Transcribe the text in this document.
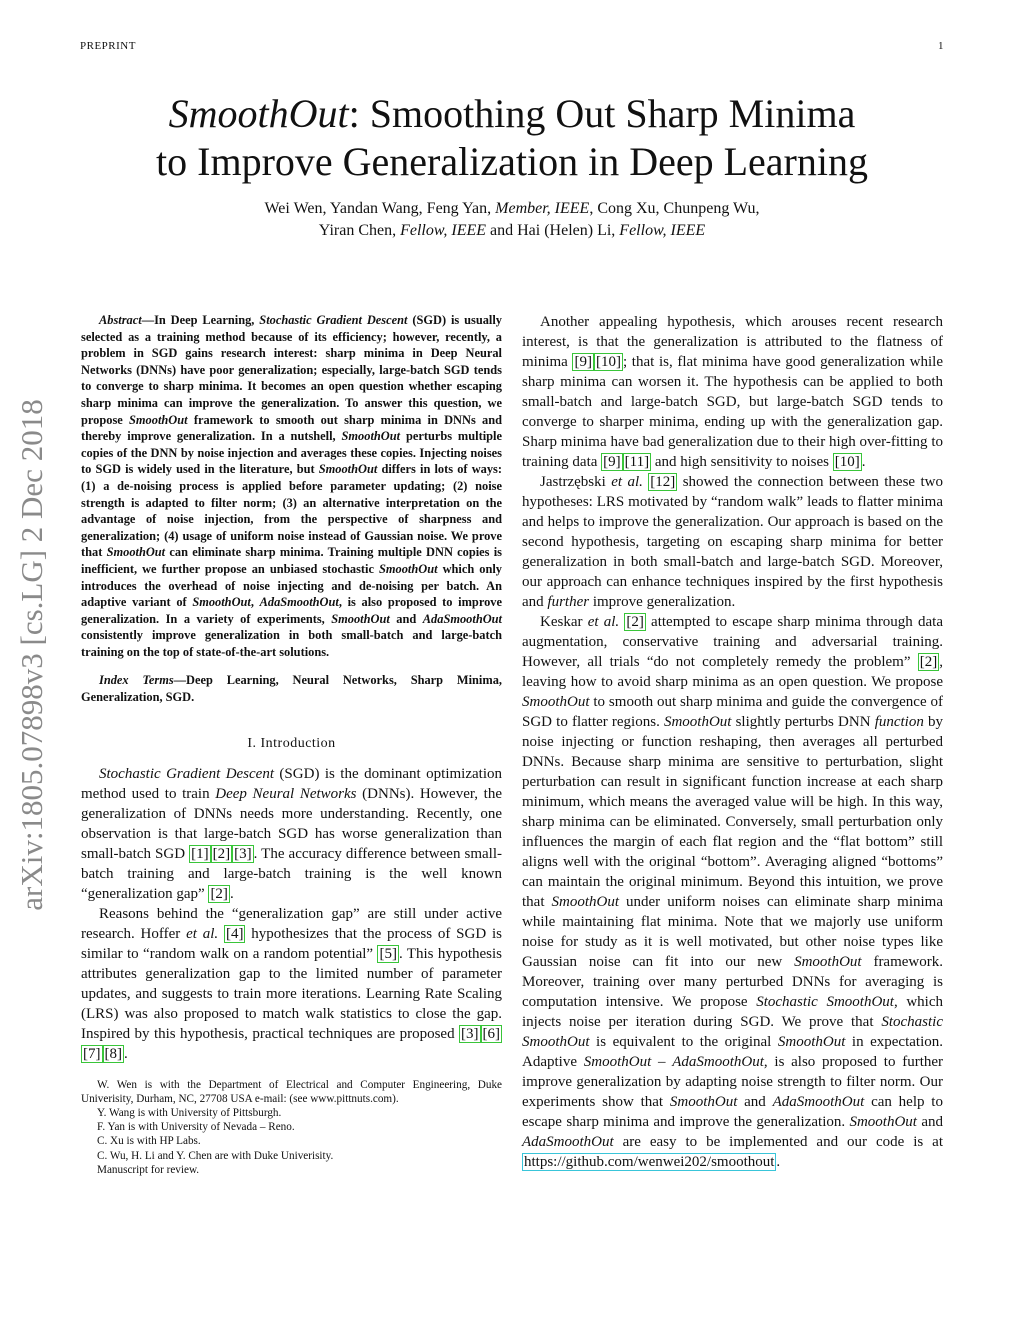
PREPRINT	1
arXiv:1805.07898v3 [cs.LG] 2 Dec 2018
SmoothOut: Smoothing Out Sharp Minima
to Improve Generalization in Deep Learning
Wei Wen, Yandan Wang, Feng Yan, Member, IEEE, Cong Xu, Chunpeng Wu,
Yiran Chen, Fellow, IEEE and Hai (Helen) Li, Fellow, IEEE

Abstract—In Deep Learning, Stochastic Gradient Descent (SGD) is usually selected as a training method because of its efficiency; however, recently, a problem in SGD gains research interest: sharp minima in Deep Neural Networks (DNNs) have poor generalization; especially, large-batch SGD tends to converge to sharp minima. It becomes an open question whether escaping sharp minima can improve the generalization. To answer this question, we propose SmoothOut framework to smooth out sharp minima in DNNs and thereby improve generalization. In a nutshell, SmoothOut perturbs multiple copies of the DNN by noise injection and averages these copies. Injecting noises to SGD is widely used in the literature, but SmoothOut differs in lots of ways: (1) a de-noising process is applied before parameter updating; (2) noise strength is adapted to filter norm; (3) an alternative interpretation on the advantage of noise injection, from the perspective of sharpness and generalization; (4) usage of uniform noise instead of Gaussian noise. We prove that SmoothOut can eliminate sharp minima. Training multiple DNN copies is inefficient, we further propose an unbiased stochastic SmoothOut which only introduces the overhead of noise injecting and de-noising per batch. An adaptive variant of SmoothOut, AdaSmoothOut, is also proposed to improve generalization. In a variety of experiments, SmoothOut and AdaSmoothOut consistently improve generalization in both small-batch and large-batch training on the top of state-of-the-art solutions.

Index Terms—Deep Learning, Neural Networks, Sharp Minima, Generalization, SGD.

I. Introduction

Stochastic Gradient Descent (SGD) is the dominant optimization method used to train Deep Neural Networks (DNNs). However, the generalization of DNNs needs more understanding. Recently, one observation is that large-batch SGD has worse generalization than small-batch SGD [1] [2] [3] . The accuracy difference between small-batch training and large-batch training is the well known “generalization gap” [2] .

Reasons behind the “generalization gap” are still under active research. Hoffer et al. [4] hypothesizes that the process of SGD is similar to “random walk on a random potential” [5] . This hypothesis attributes generalization gap to the limited number of parameter updates, and suggests to train more iterations. Learning Rate Scaling (LRS) was also proposed to match walk statistics to close the gap. Inspired by this hypothesis, practical techniques are proposed [3] [6][7] [8] .

W. Wen is with the Department of Electrical and Computer Engineering, Duke Univerisity, Durham, NC, 27708 USA e-mail: (see www.pittnuts.com).
Y. Wang is with University of Pittsburgh.
F. Yan is with University of Nevada – Reno.
C. Xu is with HP Labs.
C. Wu, H. Li and Y. Chen are with Duke Univerisity.
Manuscript for review.

Another appealing hypothesis, which arouses recent research interest, is that the generalization is attributed to the flatness of minima [9] [10] ; that is, flat minima have good generalization while sharp minima can worsen it. The hypothesis can be applied to both small-batch and large-batch SGD, but large-batch SGD tends to converge to sharper minima, ending up with the generalization gap. Sharp minima have bad generalization due to their high over-fitting to training data [9] [11] and high sensitivity to noises [10] .

Jastrzębski et al. [12] showed the connection between these two hypotheses: LRS motivated by “random walk” leads to flatter minima and helps to improve the generalization. Our approach is based on the second hypothesis, targeting on escaping sharp minima for better generalization in both small-batch and large-batch SGD. Moreover, our approach can enhance techniques inspired by the first hypothesis and further improve generalization.

Keskar et al. [2] attempted to escape sharp minima through data augmentation, conservative training and adversarial training. However, all trials “do not completely remedy the problem” [2] , leaving how to avoid sharp minima as an open question. We propose SmoothOut to smooth out sharp minima and guide the convergence of SGD to flatter regions. SmoothOut slightly perturbs DNN function by noise injecting or function reshaping, then averages all perturbed DNNs. Because sharp minima are sensitive to perturbation, slight perturbation can result in significant function increase at each sharp minimum, which means the averaged value will be high. In this way, sharp minima can be eliminated. Conversely, small perturbation only influences the margin of each flat region and the “flat bottom” still aligns well with the original “bottom”. Averaging aligned “bottoms” can maintain the original minimum. Beyond this intuition, we prove that SmoothOut under uniform noises can eliminate sharp minima while maintaining flat minima. Note that we majorly use uniform noise for study as it is well motivated, but other noise types like Gaussian noise can fit into our new SmoothOut framework. Moreover, training over many perturbed DNNs for averaging is computation intensive. We propose Stochastic SmoothOut, which injects noise per iteration during SGD. We prove that Stochastic SmoothOut is equivalent to the original SmoothOut in expectation. Adaptive SmoothOut – AdaSmoothOut, is also proposed to further improve generalization by adapting noise strength to filter norm. Our experiments show that SmoothOut and AdaSmoothOut can help to escape sharp minima and improve the generalization. SmoothOut and AdaSmoothOut are easy to be implemented and our code is at https://github.com/wenwei202/smoothout .
